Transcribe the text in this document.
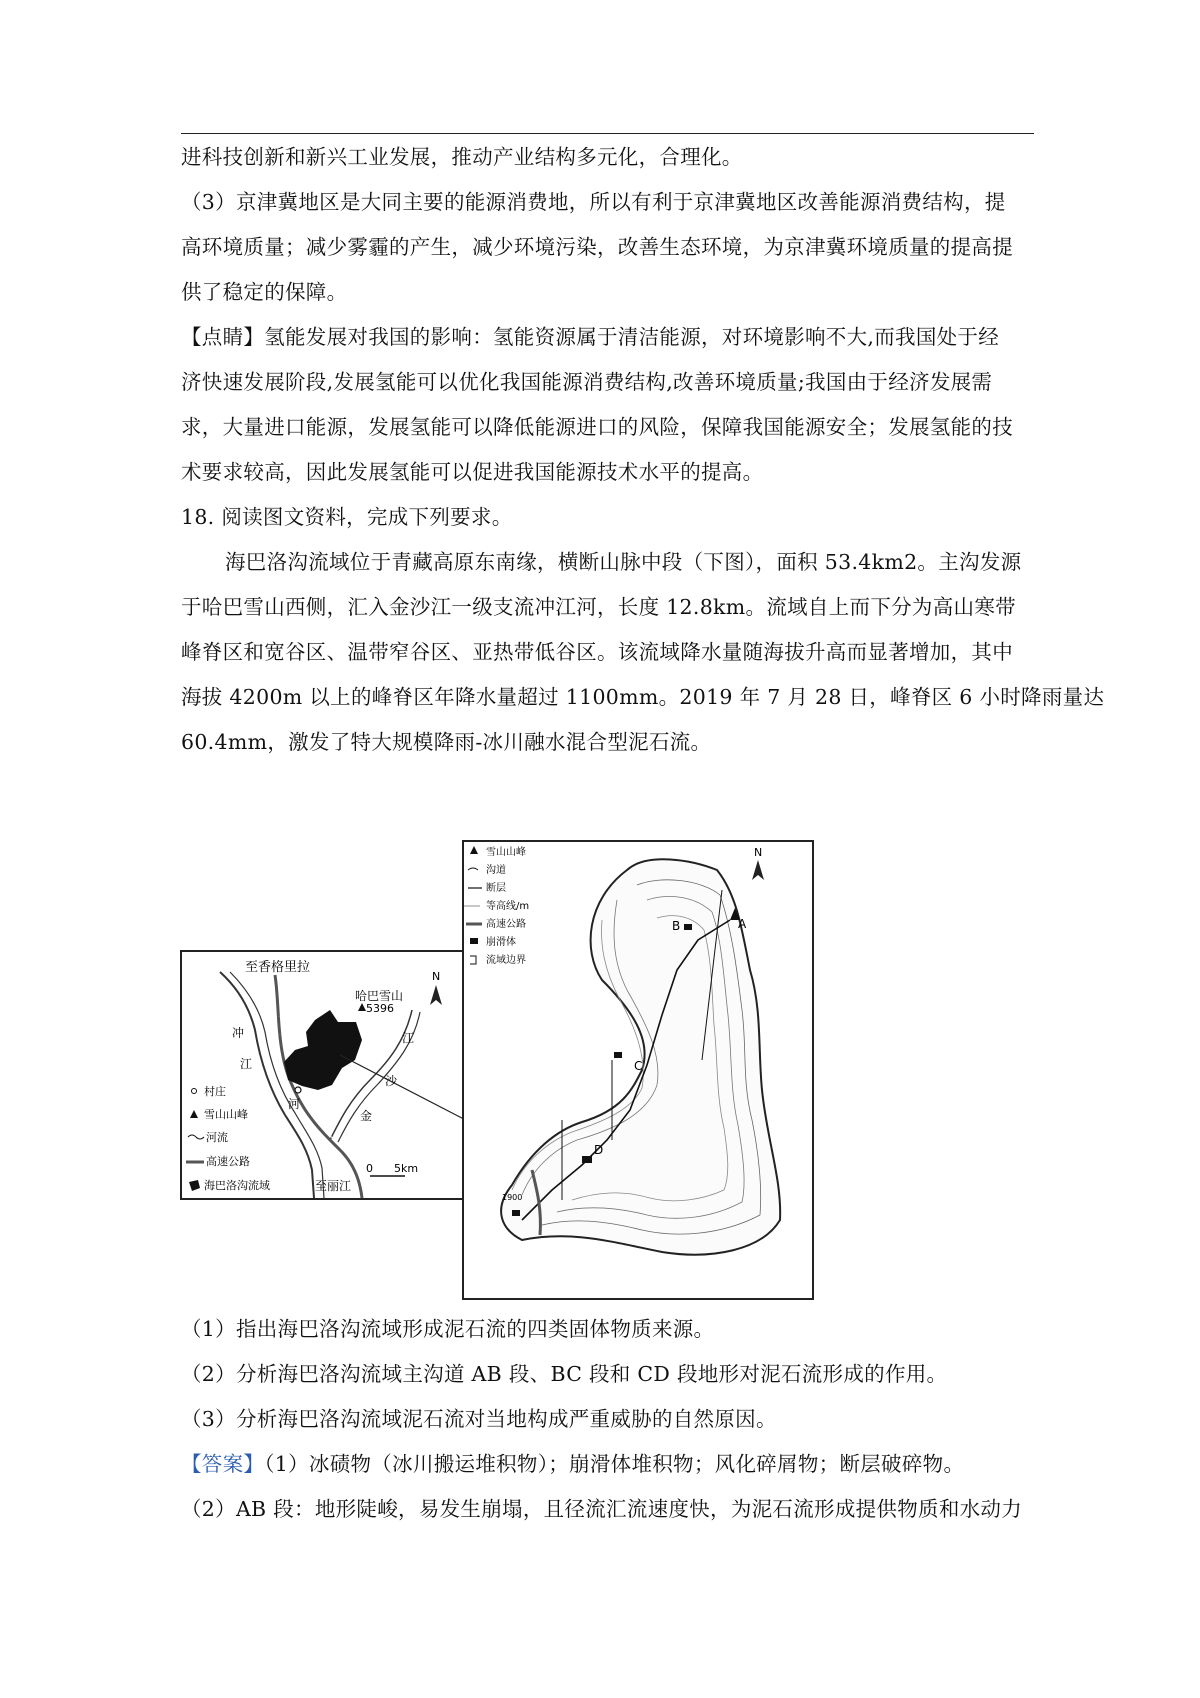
进科技创新和新兴工业发展，推动产业结构多元化，合理化。
（3）京津冀地区是大同主要的能源消费地，所以有利于京津冀地区改善能源消费结构，提
高环境质量；减少雾霾的产生，减少环境污染，改善生态环境，为京津冀环境质量的提高提
供了稳定的保障。
【点睛】氢能发展对我国的影响：氢能资源属于清洁能源，对环境影响不大,而我国处于经
济快速发展阶段,发展氢能可以优化我国能源消费结构,改善环境质量;我国由于经济发展需
求，大量进口能源，发展氢能可以降低能源进口的风险，保障我国能源安全；发展氢能的技
术要求较高，因此发展氢能可以促进我国能源技术水平的提高。
18. 阅读图文资料，完成下列要求。
海巴洛沟流域位于青藏高原东南缘，横断山脉中段（下图），面积 53.4km2。主沟发源
于哈巴雪山西侧，汇入金沙江一级支流冲江河，长度 12.8km。流域自上而下分为高山寒带
峰脊区和宽谷区、温带窄谷区、亚热带低谷区。该流域降水量随海拔升高而显著增加，其中
海拔 4200m 以上的峰脊区年降水量超过 1100mm。2019 年 7 月 28 日，峰脊区 6 小时降雨量达
60.4mm，激发了特大规模降雨-冰川融水混合型泥石流。
N
至香格里拉
哈巴雪山
5396
冲
江
河
金
沙
江
至丽江
0 5km
村庄
雪山山峰
河流
高速公路
海巴洛沟流域
A
B
C
D
1900
N
雪山山峰
沟道
断层
等高线/m
高速公路
崩滑体
流域边界
（1）指出海巴洛沟流域形成泥石流的四类固体物质来源。
（2）分析海巴洛沟流域主沟道 AB 段、BC 段和 CD 段地形对泥石流形成的作用。
（3）分析海巴洛沟流域泥石流对当地构成严重威胁的自然原因。
【答案】（1）冰碛物（冰川搬运堆积物）；崩滑体堆积物；风化碎屑物；断层破碎物。
（2）AB 段：地形陡峻，易发生崩塌，且径流汇流速度快，为泥石流形成提供物质和水动力
